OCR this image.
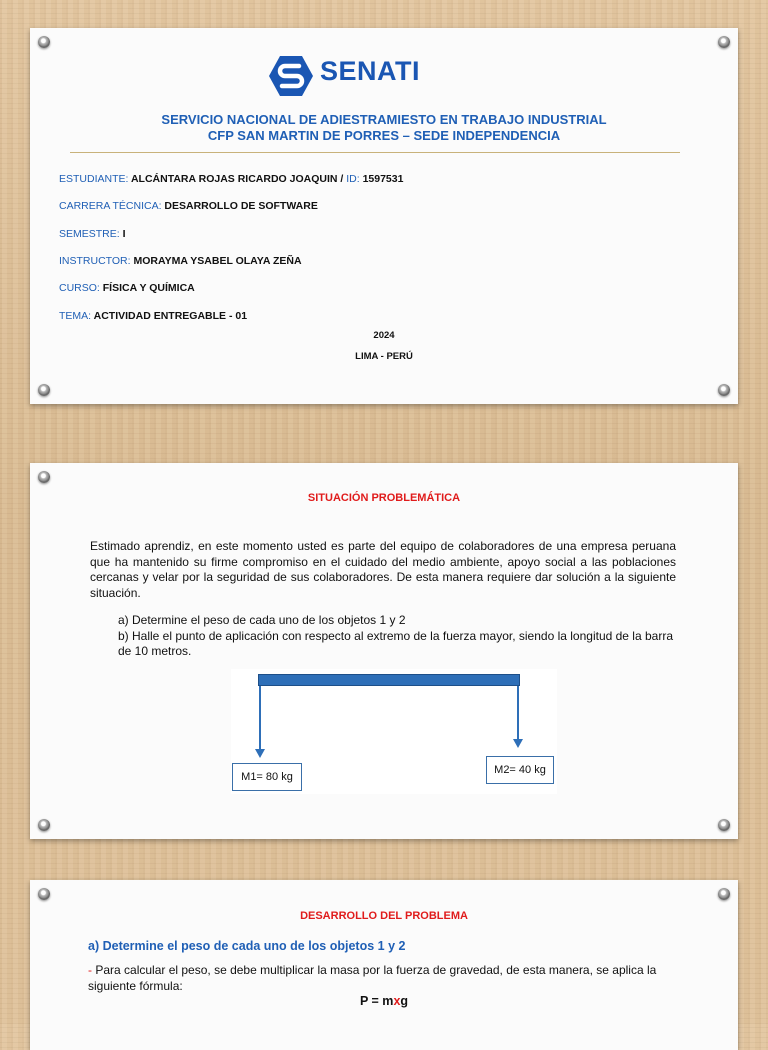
SENATI
SERVICIO NACIONAL DE ADIESTRAMIESTO EN TRABAJO INDUSTRIAL
CFP SAN MARTIN DE PORRES – SEDE INDEPENDENCIA
ESTUDIANTE: ALCÁNTARA ROJAS RICARDO JOAQUIN / ID: 1597531
CARRERA TÉCNICA: DESARROLLO DE SOFTWARE
SEMESTRE: I
INSTRUCTOR: MORAYMA YSABEL OLAYA ZEÑA
CURSO: FÍSICA Y QUÍMICA
TEMA: ACTIVIDAD ENTREGABLE - 01
2024
LIMA - PERÚ
SITUACIÓN PROBLEMÁTICA
Estimado aprendiz, en este momento usted es parte del equipo de colaboradores de una empresa peruana que ha mantenido su firme compromiso en el cuidado del medio ambiente, apoyo social a las poblaciones cercanas y velar por la seguridad de sus colaboradores. De esta manera requiere dar solución a la siguiente situación.

a) Determine el peso de cada uno de los objetos 1 y 2

b) Halle el punto de aplicación con respecto al extremo de la fuerza mayor, siendo la longitud de la barra de 10 metros.

M1= 80 kg
M2= 40 kg
DESARROLLO DEL PROBLEMA
a) Determine el peso de cada uno de los objetos 1 y 2
- Para calcular el peso, se debe multiplicar la masa por la fuerza de gravedad, de esta manera, se aplica la siguiente fórmula:
P = mxg
